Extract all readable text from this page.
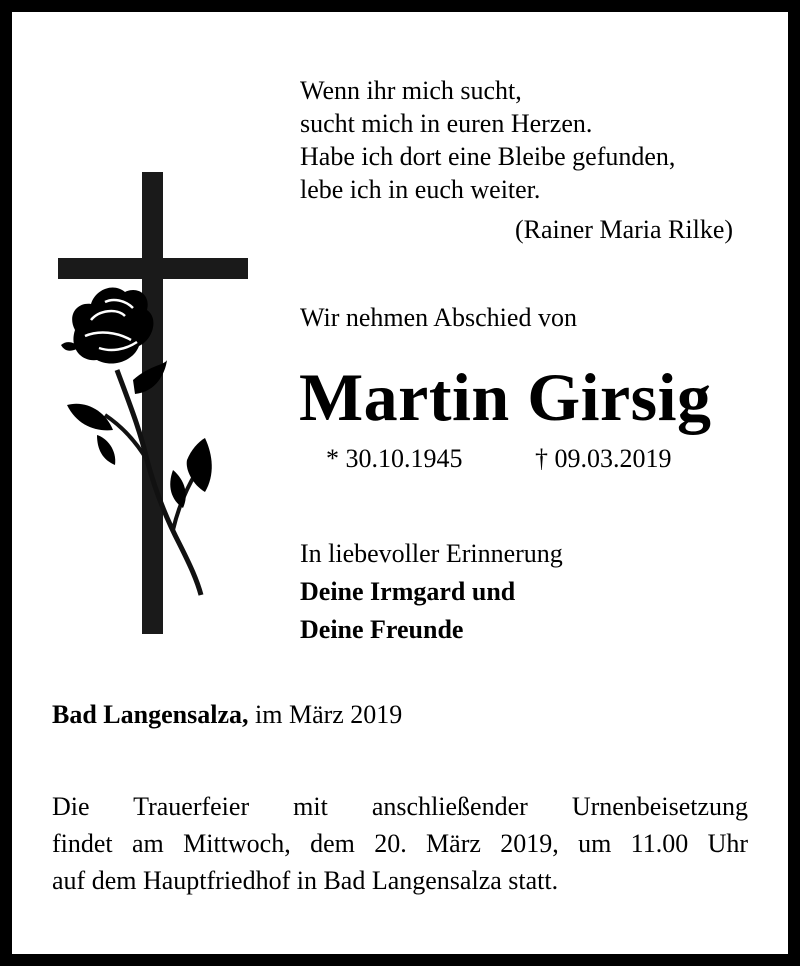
Wenn ihr mich sucht,
sucht mich in euren Herzen.
Habe ich dort eine Bleibe gefunden,
lebe ich in euch weiter.
(Rainer Maria Rilke)
Wir nehmen Abschied von
Martin Girsig
* 30.10.1945	† 09.03.2019
In liebevoller Erinnerung
Deine Irmgard und
Deine Freunde
Bad Langensalza, im März 2019
Die Trauerfeier mit anschließender Urnenbeisetzung
findet am Mittwoch, dem 20. März 2019, um 11.00 Uhr
auf dem Hauptfriedhof in Bad Langensalza statt.
